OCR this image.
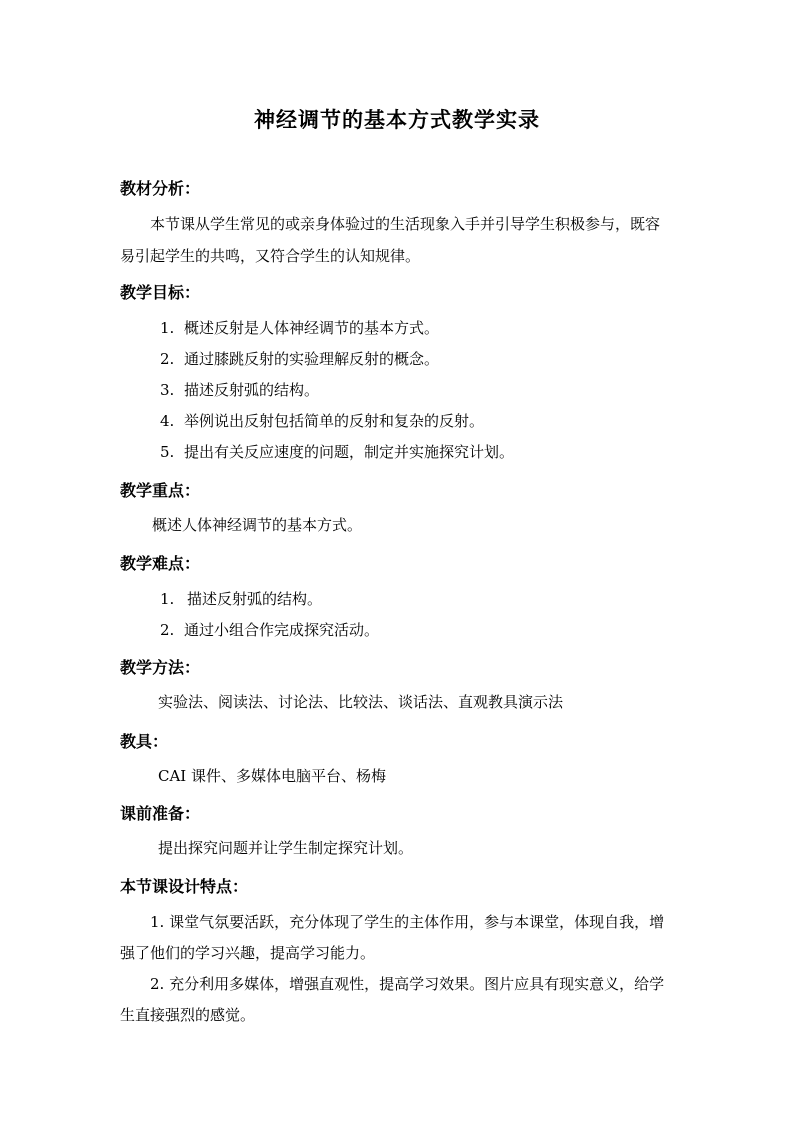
神经调节的基本方式教学实录
教材分析：
本节课从学生常见的或亲身体验过的生活现象入手并引导学生积极参与，既容
易引起学生的共鸣，又符合学生的认知规律。
教学目标：
1. 概述反射是人体神经调节的基本方式。
2. 通过膝跳反射的实验理解反射的概念。
3. 描述反射弧的结构。
4. 举例说出反射包括简单的反射和复杂的反射。
5. 提出有关反应速度的问题，制定并实施探究计划。
教学重点：
概述人体神经调节的基本方式。
教学难点：
1. 描述反射弧的结构。
2. 通过小组合作完成探究活动。
教学方法：
实验法、阅读法、讨论法、比较法、谈话法、直观教具演示法
教具：
CAI 课件、多媒体电脑平台、杨梅
课前准备：
提出探究问题并让学生制定探究计划。
本节课设计特点：
1. 课堂气氛要活跃，充分体现了学生的主体作用，参与本课堂，体现自我，增
强了他们的学习兴趣，提高学习能力。
2. 充分利用多媒体，增强直观性，提高学习效果。图片应具有现实意义，给学
生直接强烈的感觉。
